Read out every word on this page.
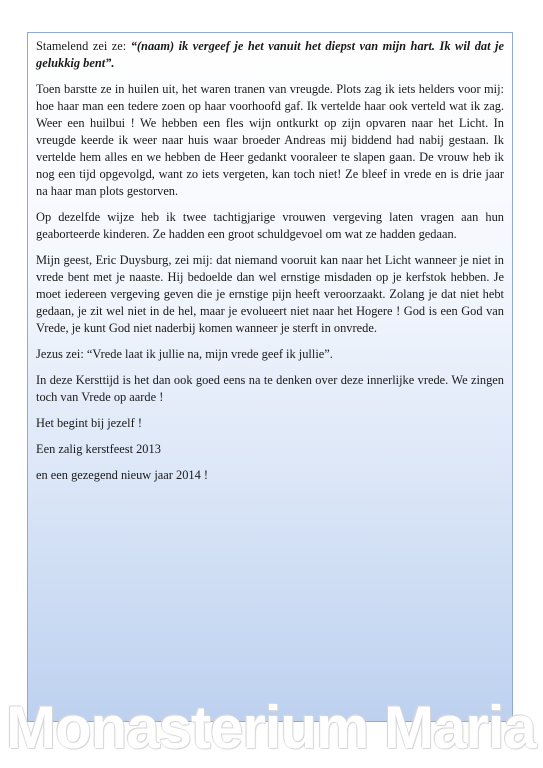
Stamelend zei ze: “(naam) ik vergeef je het vanuit het diepst van mijn hart. Ik wil dat je gelukkig bent”.

Toen barstte ze in huilen uit, het waren tranen van vreugde. Plots zag ik iets helders voor mij: hoe haar man een tedere zoen op haar voorhoofd gaf. Ik vertelde haar ook verteld wat ik zag. Weer een huilbui ! We hebben een fles wijn ontkurkt op zijn opvaren naar het Licht. In vreugde keerde ik weer naar huis waar broeder Andreas mij biddend had nabij gestaan. Ik vertelde hem alles en we hebben de Heer gedankt vooraleer te slapen gaan. De vrouw heb ik nog een tijd opgevolgd, want zo iets vergeten, kan toch niet! Ze bleef in vrede en is drie jaar na haar man plots gestorven.

Op dezelfde wijze heb ik twee tachtigjarige vrouwen vergeving laten vragen aan hun geaborteerde kinderen. Ze hadden een groot schuldgevoel om wat ze hadden gedaan.

Mijn geest, Eric Duysburg, zei mij: dat niemand vooruit kan naar het Licht wanneer je niet in vrede bent met je naaste. Hij bedoelde dan wel ernstige misdaden op je kerfstok hebben. Je moet iedereen vergeving geven die je ernstige pijn heeft veroorzaakt. Zolang je dat niet hebt gedaan, je zit wel niet in de hel, maar je evolueert niet naar het Hogere ! God is een God van Vrede, je kunt God niet naderbij komen wanneer je sterft in onvrede.

Jezus zei: “Vrede laat ik jullie na, mijn vrede geef ik jullie”.

In deze Kersttijd is het dan ook goed eens na te denken over deze innerlijke vrede. We zingen toch van Vrede op aarde !

Het begint bij jezelf !

Een zalig kerstfeest 2013

en een gezegend nieuw jaar 2014 !

Monasterium Maria
